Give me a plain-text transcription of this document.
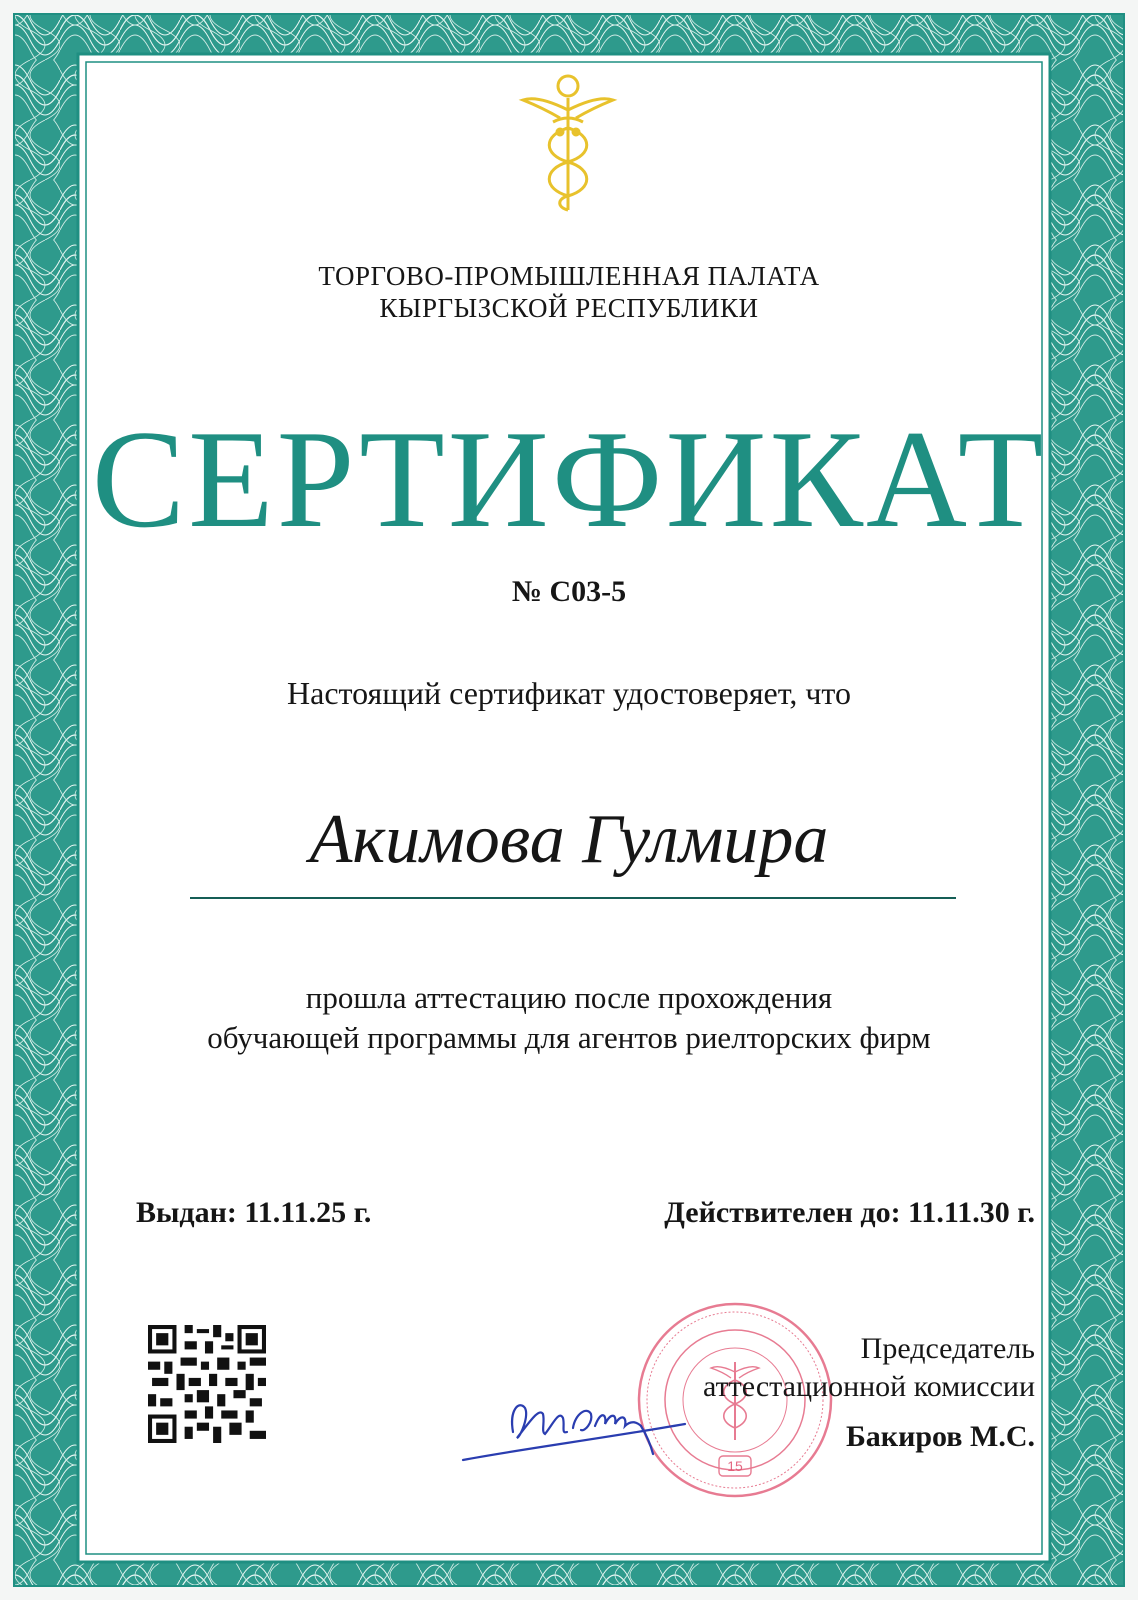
ТОРГОВО-ПРОМЫШЛЕННАЯ ПАЛАТА
КЫРГЫЗСКОЙ РЕСПУБЛИКИ
СЕРТИФИКАТ
№ С03-5
Настоящий сертификат удостоверяет, что
Акимова Гулмира
прошла аттестацию после прохождения
обучающей программы для агентов риелторских фирм
Выдан: 11.11.25 г.	Действителен до: 11.11.30 г.
15
Председатель
аттестационной комиссии
Бакиров М.С.
